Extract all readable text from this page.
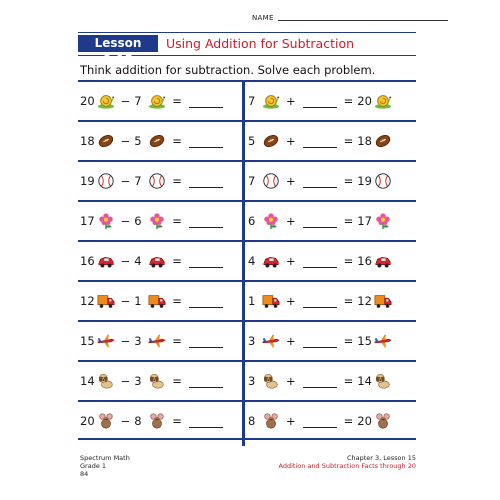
NAME
Lesson 3.15
Using Addition for Subtraction
Think addition for subtraction. Solve each problem.
20 − 7	=	7	+	= 20
18 − 5	=	5	+	= 18
19 − 7	=	7	+	= 19
17 − 6	=	6	+	= 17
16 − 4	=	4	+	= 16
12 − 1	=	1	+	= 12
15 − 3	=	3	+	= 15
14 − 3	=	3	+	= 14
20 − 8	=	8	+	= 20
Spectrum Math
Grade 1
84
Chapter 3, Lesson 15
Addition and Subtraction Facts through 20
